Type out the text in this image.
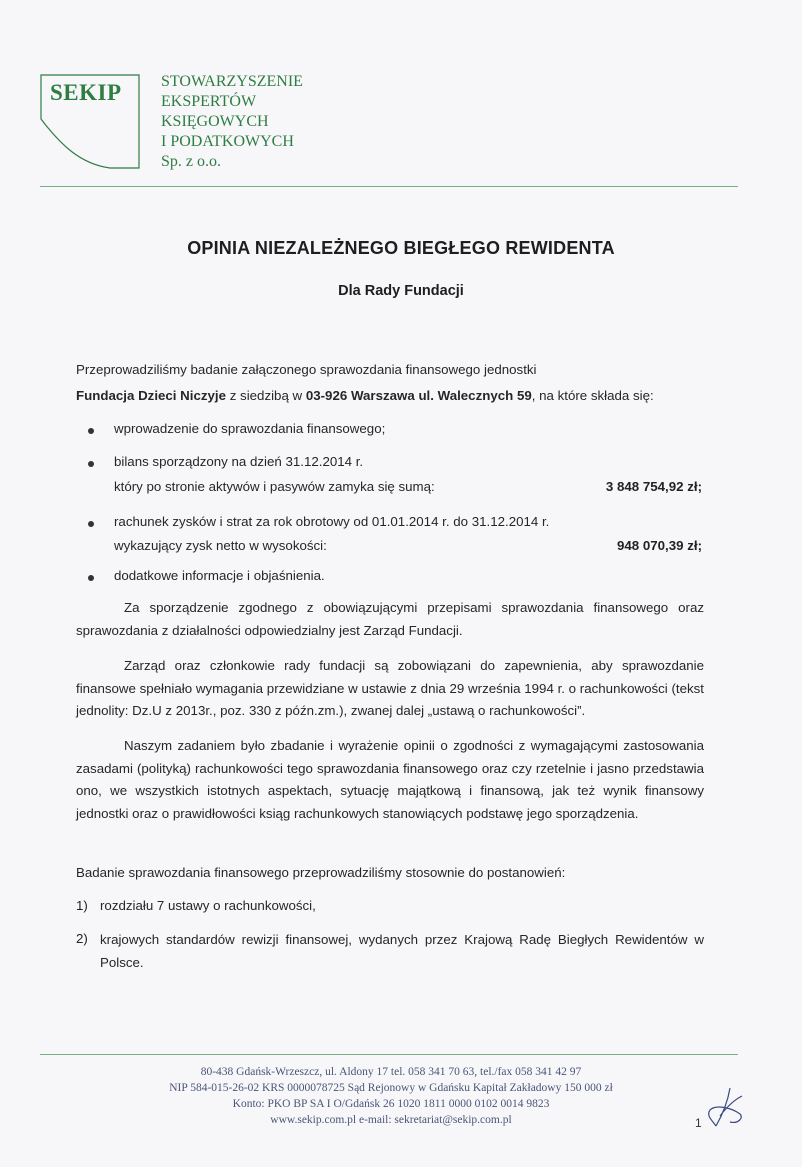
SEKIP STOWARZYSZENIE
EKSPERTÓW
KSIĘGOWYCH
I PODATKOWYCH
Sp. z o.o.
OPINIA NIEZALEŻNEGO BIEGŁEGO REWIDENTA
Dla Rady Fundacji
Przeprowadziliśmy badanie załączonego sprawozdania finansowego jednostki
Fundacja Dzieci Niczyje z siedzibą w 03-926 Warszawa ul. Walecznych 59, na które składa się:
wprowadzenie do sprawozdania finansowego;
bilans sporządzony na dzień 31.12.2014 r.
który po stronie aktywów i pasywów zamyka się sumą:	3 848 754,92 zł;
rachunek zysków i strat za rok obrotowy od 01.01.2014 r. do 31.12.2014 r.
wykazujący zysk netto w wysokości:	948 070,39 zł;
dodatkowe informacje i objaśnienia.
Za sporządzenie zgodnego z obowiązującymi przepisami sprawozdania finansowego oraz sprawozdania z działalności odpowiedzialny jest Zarząd Fundacji.
Zarząd oraz członkowie rady fundacji są zobowiązani do zapewnienia, aby sprawozdanie finansowe spełniało wymagania przewidziane w ustawie z dnia 29 września 1994 r. o rachunkowości (tekst jednolity: Dz.U z 2013r., poz. 330 z późn.zm.), zwanej dalej „ustawą o rachunkowości”.
Naszym zadaniem było zbadanie i wyrażenie opinii o zgodności z wymagającymi zastosowania zasadami (polityką) rachunkowości tego sprawozdania finansowego oraz czy rzetelnie i jasno przedstawia ono, we wszystkich istotnych aspektach, sytuację majątkową i finansową, jak też wynik finansowy jednostki oraz o prawidłowości ksiąg rachunkowych stanowiących podstawę jego sporządzenia.
Badanie sprawozdania finansowego przeprowadziliśmy stosownie do postanowień:
1) rozdziału 7 ustawy o rachunkowości,
2) krajowych standardów rewizji finansowej, wydanych przez Krajową Radę Biegłych Rewidentów w Polsce.
80-438 Gdańsk-Wrzeszcz, ul. Aldony 17 tel. 058 341 70 63, tel./fax 058 341 42 97
NIP 584-015-26-02 KRS 0000078725 Sąd Rejonowy w Gdańsku Kapitał Zakładowy 150 000 zł
Konto: PKO BP SA I O/Gdańsk 26 1020 1811 0000 0102 0014 9823
www.sekip.com.pl e-mail: sekretariat@sekip.com.pl	1
